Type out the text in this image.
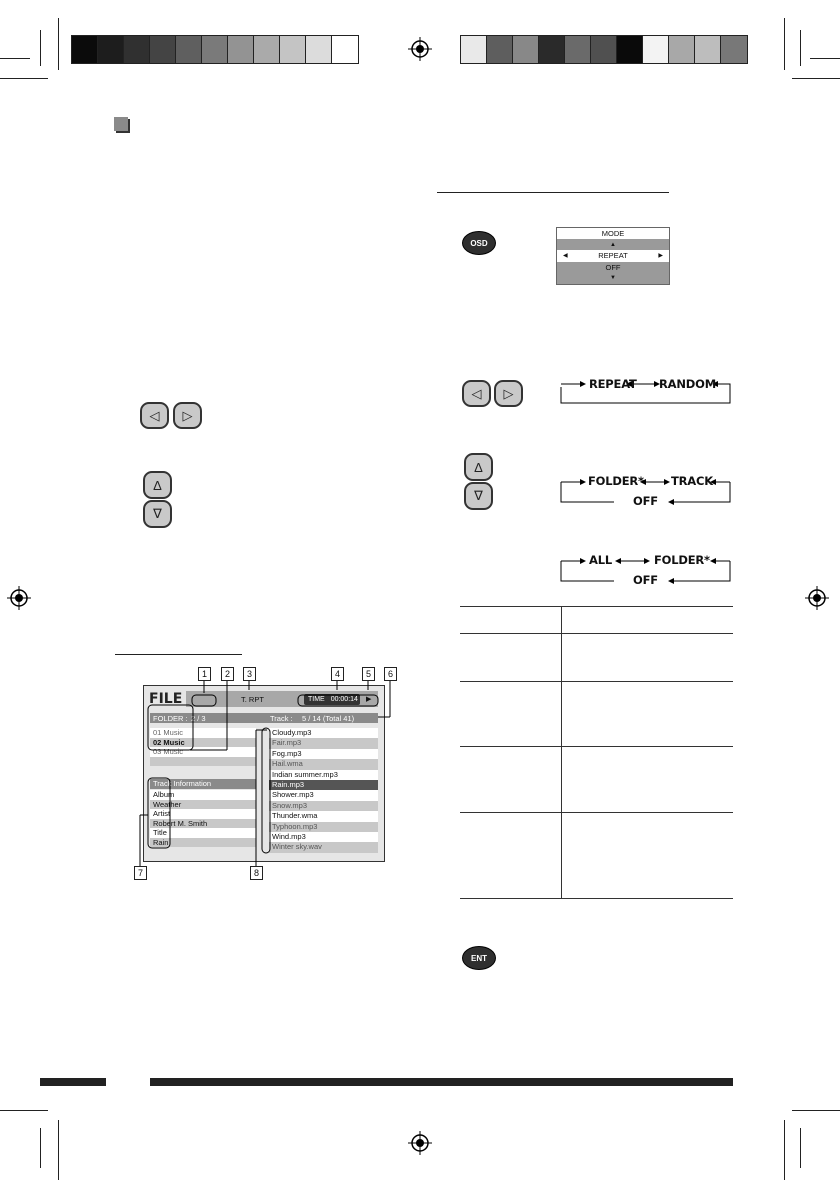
◁ ▷
∆
∇
OSD
◁ ▷
∆
∇
ENT
MODE
▲
◀	REPEAT	▶
OFF
▼
REPEAT RANDOM
FOLDER* TRACK
OFF
ALL	FOLDER*
OFF
FILE	T. RPT	TIME 00:00:14 ▶
FOLDER : 2 / 3	Track : 5 / 14 (Total 41)
01 Music
02 Music
03 Music
Track Information
Album
Weather
Artist
Robert M. Smith
Title
Rain
Cloudy.mp3
Fair.mp3
Fog.mp3
Hail.wma
Indian summer.mp3
Rain.mp3
Shower.mp3
Snow.mp3
Thunder.wma
Typhoon.mp3
Wind.mp3
Winter sky.wav
1	2	3	4	5	6
7	8
